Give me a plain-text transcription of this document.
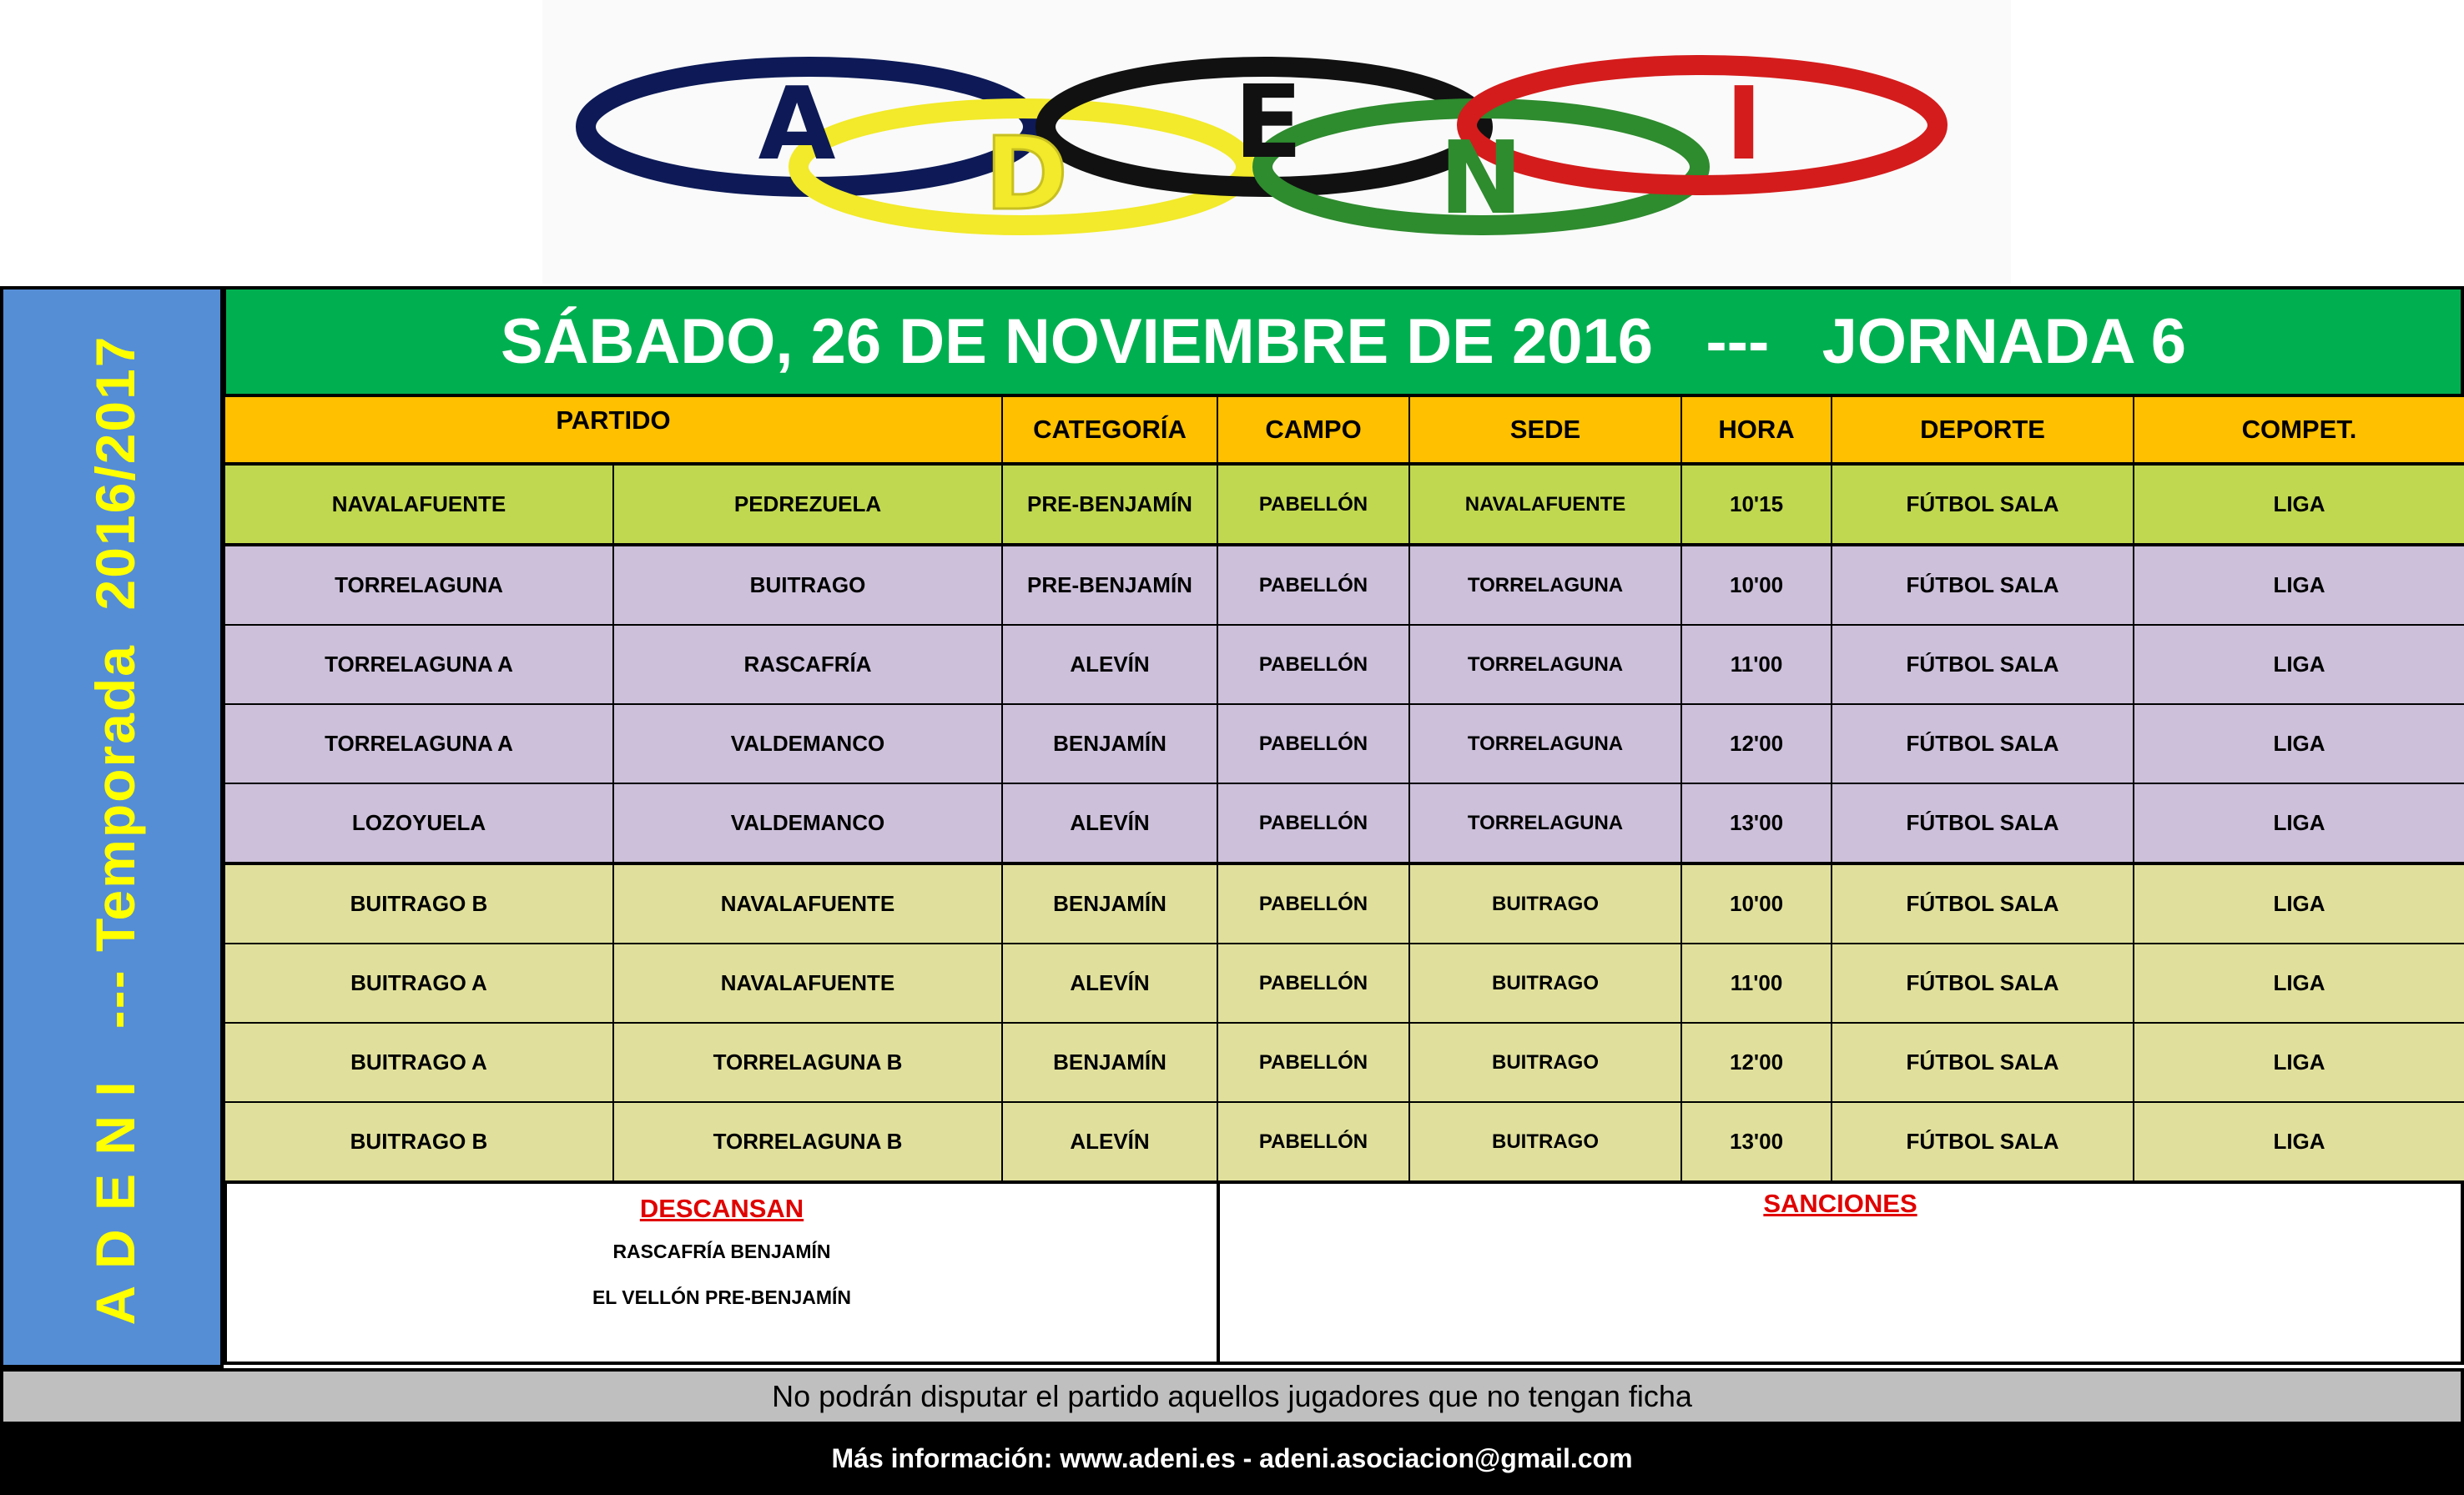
A D E N I
A D E N I   --- Temporada  2016/2017	SÁBADO, 26 DE NOVIEMBRE DE 2016   ---   JORNADA 6
PARTIDO		CATEGORÍA	CAMPO	SEDE	HORA	DEPORTE	COMPET.
NAVALAFUENTE	PEDREZUELA	PRE-BENJAMÍN	PABELLÓN	NAVALAFUENTE	10'15	FÚTBOL SALA	LIGA
TORRELAGUNA	BUITRAGO	PRE-BENJAMÍN	PABELLÓN	TORRELAGUNA	10'00	FÚTBOL SALA	LIGA
TORRELAGUNA A	RASCAFRÍA	ALEVÍN	PABELLÓN	TORRELAGUNA	11'00	FÚTBOL SALA	LIGA
TORRELAGUNA A	VALDEMANCO	BENJAMÍN	PABELLÓN	TORRELAGUNA	12'00	FÚTBOL SALA	LIGA
LOZOYUELA	VALDEMANCO	ALEVÍN	PABELLÓN	TORRELAGUNA	13'00	FÚTBOL SALA	LIGA
BUITRAGO B	NAVALAFUENTE	BENJAMÍN	PABELLÓN	BUITRAGO	10'00	FÚTBOL SALA	LIGA
BUITRAGO A	NAVALAFUENTE	ALEVÍN	PABELLÓN	BUITRAGO	11'00	FÚTBOL SALA	LIGA
BUITRAGO A	TORRELAGUNA B	BENJAMÍN	PABELLÓN	BUITRAGO	12'00	FÚTBOL SALA	LIGA
BUITRAGO B	TORRELAGUNA B	ALEVÍN	PABELLÓN	BUITRAGO	13'00	FÚTBOL SALA	LIGA
DESCANSAN
RASCAFRÍA BENJAMÍN
EL VELLÓN PRE-BENJAMÍN
SANCIONES
No podrán disputar el partido aquellos jugadores que no tengan ficha
Más información: www.adeni.es - adeni.asociacion@gmail.com
